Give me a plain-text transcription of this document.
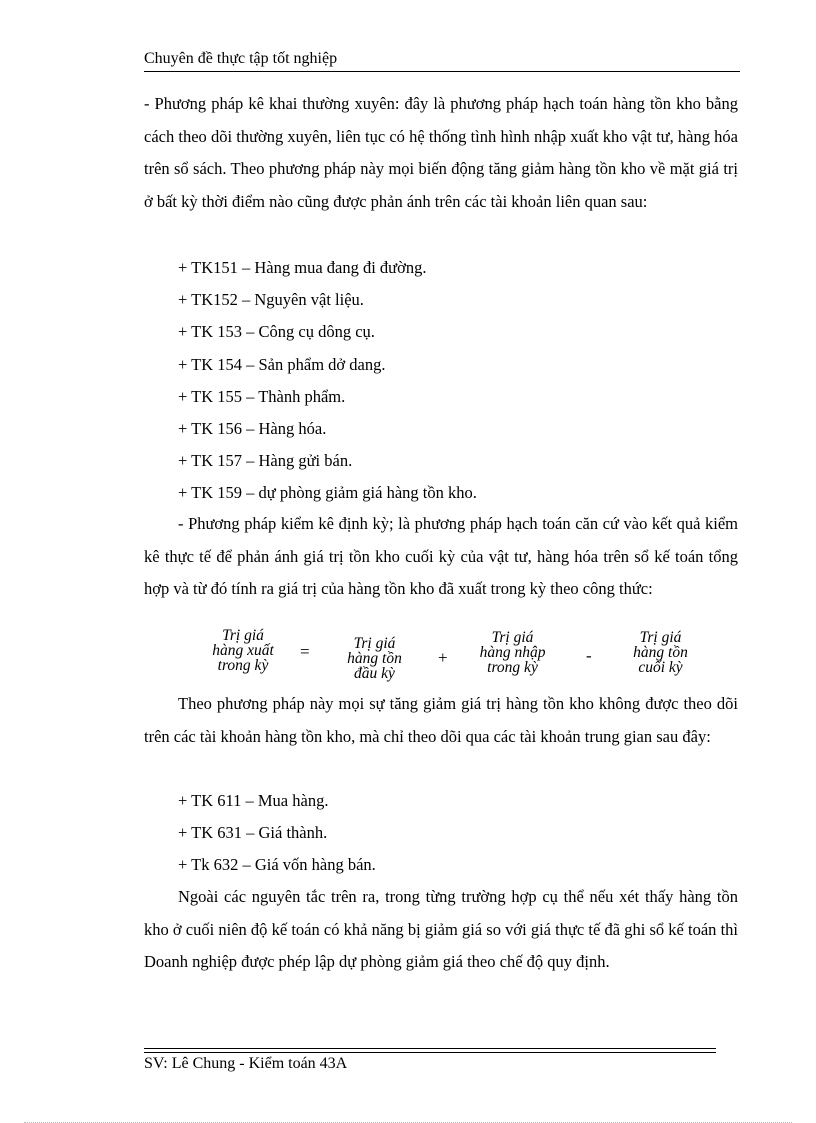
Chuyên đề thực tập tốt nghiệp

- Phương pháp kê khai thường xuyên: đây là phương pháp hạch toán hàng tồn kho bằng cách theo dõi thường xuyên, liên tục có hệ thống tình hình nhập xuất kho vật tư, hàng hóa trên sổ sách. Theo phương pháp này mọi biến động tăng giảm hàng tồn kho về mặt giá trị ở bất kỳ thời điểm nào cũng được phản ánh trên các tài khoản liên quan sau:

+ TK151 – Hàng mua đang đi đường.
+ TK152 – Nguyên vật liệu.
+ TK 153 – Công cụ dông cụ.
+ TK 154 – Sản phẩm dở dang.
+ TK 155 – Thành phẩm.
+ TK 156 – Hàng hóa.
+ TK 157 – Hàng gửi bán.
+ TK 159 – dự phòng giảm giá hàng tồn kho.

- Phương pháp kiểm kê định kỳ; là phương pháp hạch toán căn cứ vào kết quả kiểm kê thực tế để phản ánh giá trị tồn kho cuối kỳ của vật tư, hàng hóa trên sổ kế toán tổng hợp và từ đó tính ra giá trị của hàng tồn kho đã xuất trong kỳ theo công thức:

Trị giá
hàng xuất
trong kỳ
=	Trị giá
hàng tồn
đầu kỳ
+
Trị giá
hàng nhập
trong kỳ
-
Trị giá
hàng tồn
cuối kỳ

Theo phương pháp này mọi sự tăng giảm giá trị hàng tồn kho không được theo dõi trên các tài khoản hàng tồn kho, mà chỉ theo dõi qua các tài khoản trung gian sau đây:

+ TK 611 – Mua hàng.
+ TK 631 – Giá thành.
+ Tk 632 – Giá vốn hàng bán.

Ngoài các nguyên tắc trên ra, trong từng trường hợp cụ thể nếu xét thấy hàng tồn kho ở cuối niên độ kế toán có khả năng bị giảm giá so với giá thực tế đã ghi sổ kế toán thì Doanh nghiệp được phép lập dự phòng giảm giá theo chế độ quy định.

SV: Lê Chung - Kiểm toán 43A
